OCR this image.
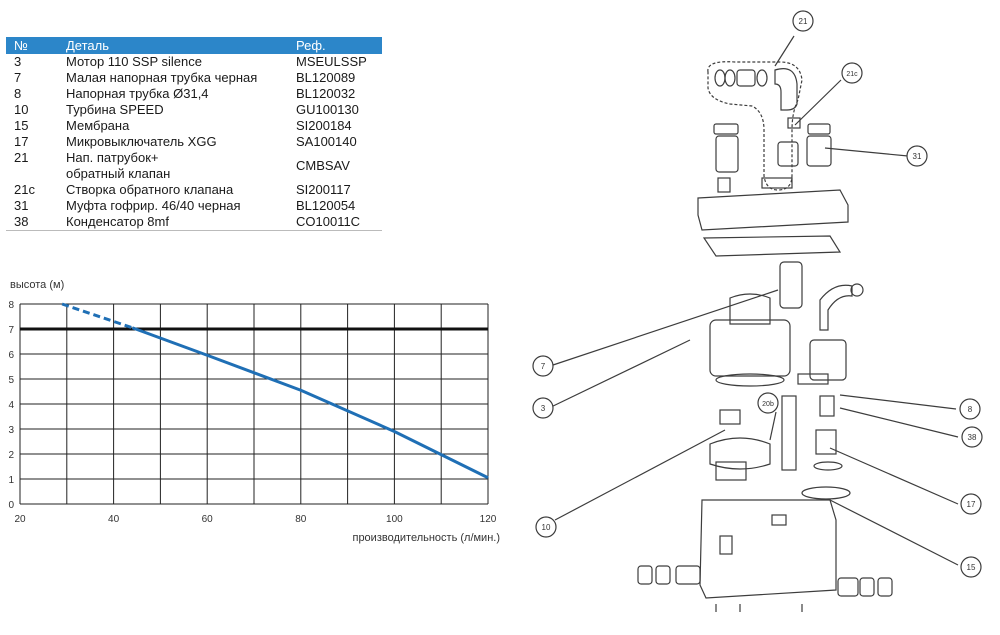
№	Деталь	Реф.
3	Мотор 110 SSP silence	MSEULSSP
7	Малая напорная трубка черная	BL120089
8	Напорная трубка Ø31,4	BL120032
10	Турбина SPEED	GU100130
15	Мембрана	SI200184
17	Микровыключатель XGG	SA100140
21	Нап. патрубок+
обратный клапан	CMBSAV
21c	Створка обратного клапана	SI200117
31	Муфта гофрир. 46/40 черная	BL120054
38	Конденсатор 8mf	CO10011С
высота (м)
производительность (л/мин.)
0
1
2
3
4
5
6
7
8
20	40	60	80	100	120
21
21c
31
7
3	8
20b
38
17
10
15
